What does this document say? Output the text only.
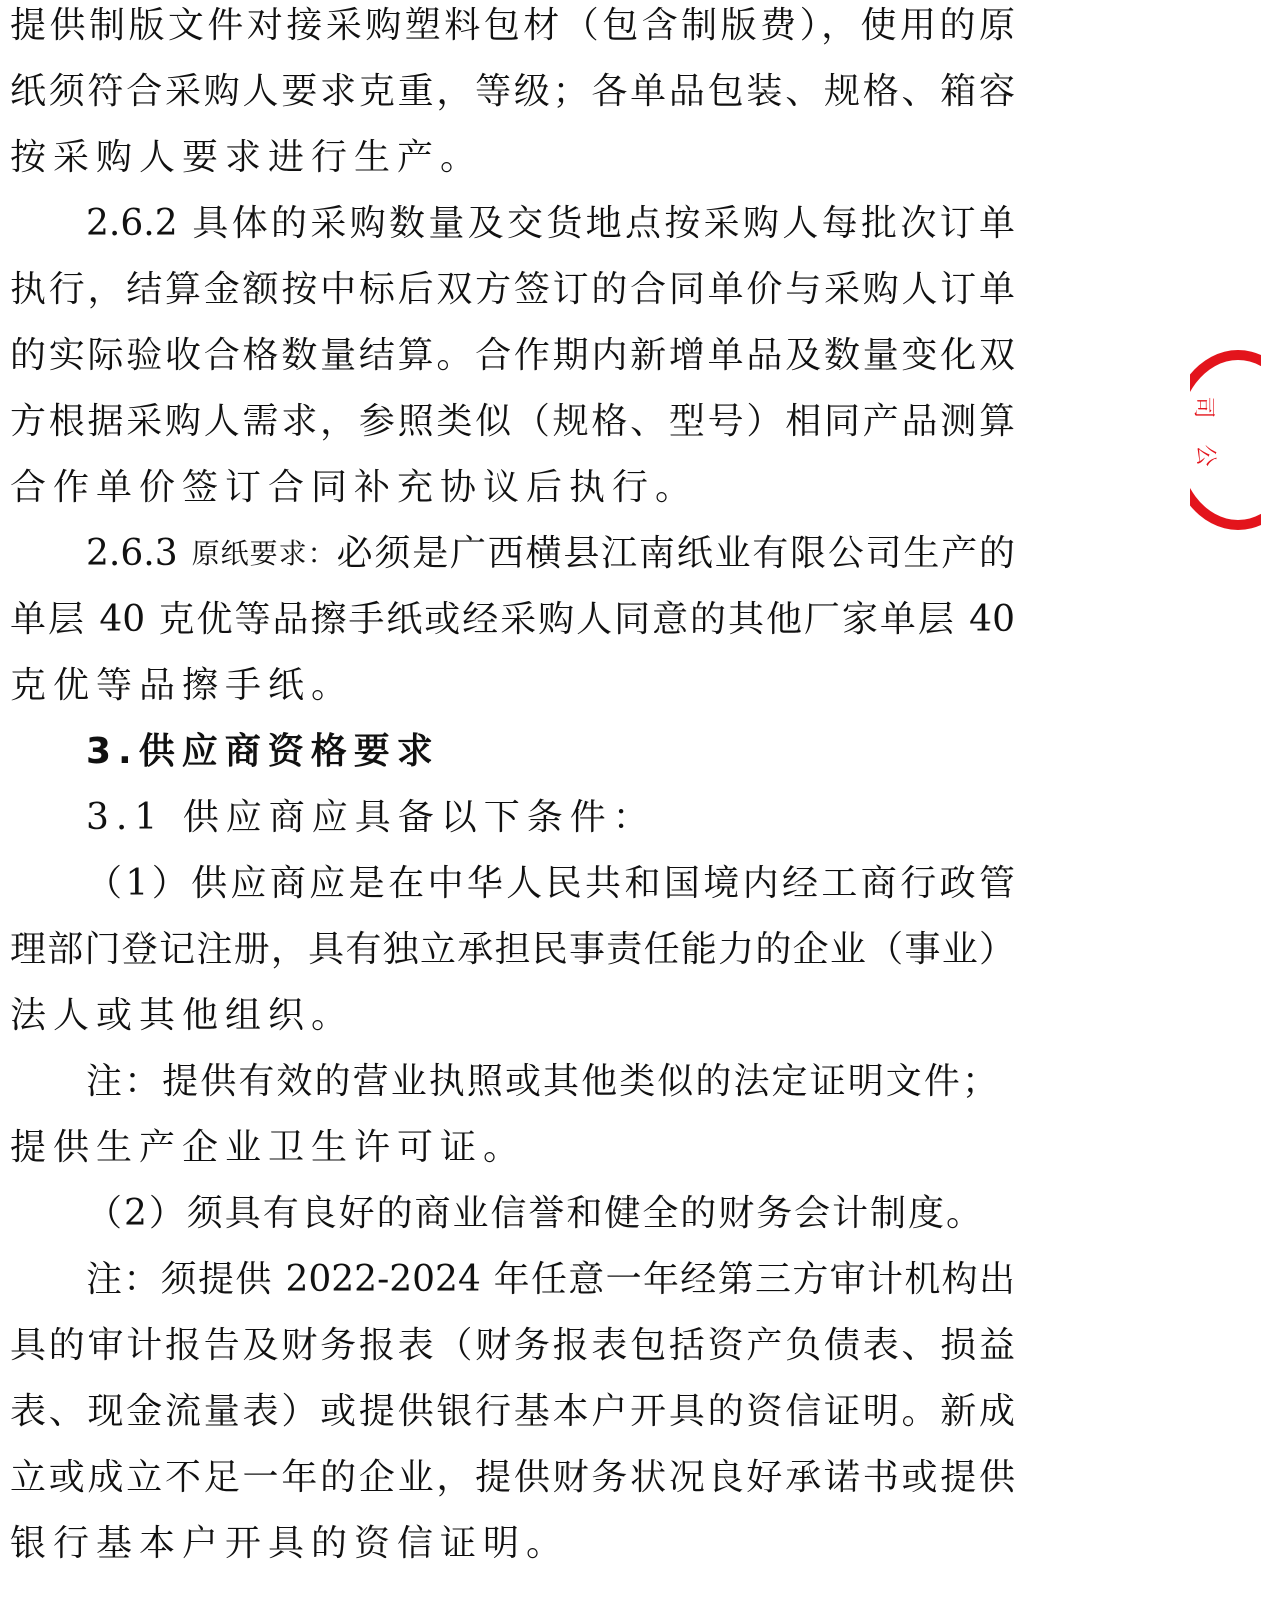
提供制版文件对接采购塑料包材（包含制版费），使用的原
纸须符合采购人要求克重，等级；各单品包装、规格、箱容
按采购人要求进行生产。
2.6.2 具体的采购数量及交货地点按采购人每批次订单
执行，结算金额按中标后双方签订的合同单价与采购人订单
的实际验收合格数量结算。合作期内新增单品及数量变化双
方根据采购人需求，参照类似（规格、型号）相同产品测算
合作单价签订合同补充协议后执行。
2.6.3 原纸要求： 必须是广西横县江南纸业有限公司生产的
单层 40 克优等品擦手纸或经采购人同意的其他厂家单层 40
克优等品擦手纸。
3.供应商资格要求
3.1 供应商应具备以下条件：
（1）供应商应是在中华人民共和国境内经工商行政管
理部门登记注册，具有独立承担民事责任能力的企业（事业）
法人或其他组织。
注：提供有效的营业执照或其他类似的法定证明文件；
提供生产企业卫生许可证。
（2）须具有良好的商业信誉和健全的财务会计制度。
注：须提供 2022-2024 年任意一年经第三方审计机构出
具的审计报告及财务报表（财务报表包括资产负债表、损益
表、现金流量表）或提供银行基本户开具的资信证明。新成
立或成立不足一年的企业，提供财务状况良好承诺书或提供
银行基本户开具的资信证明。
司
公
